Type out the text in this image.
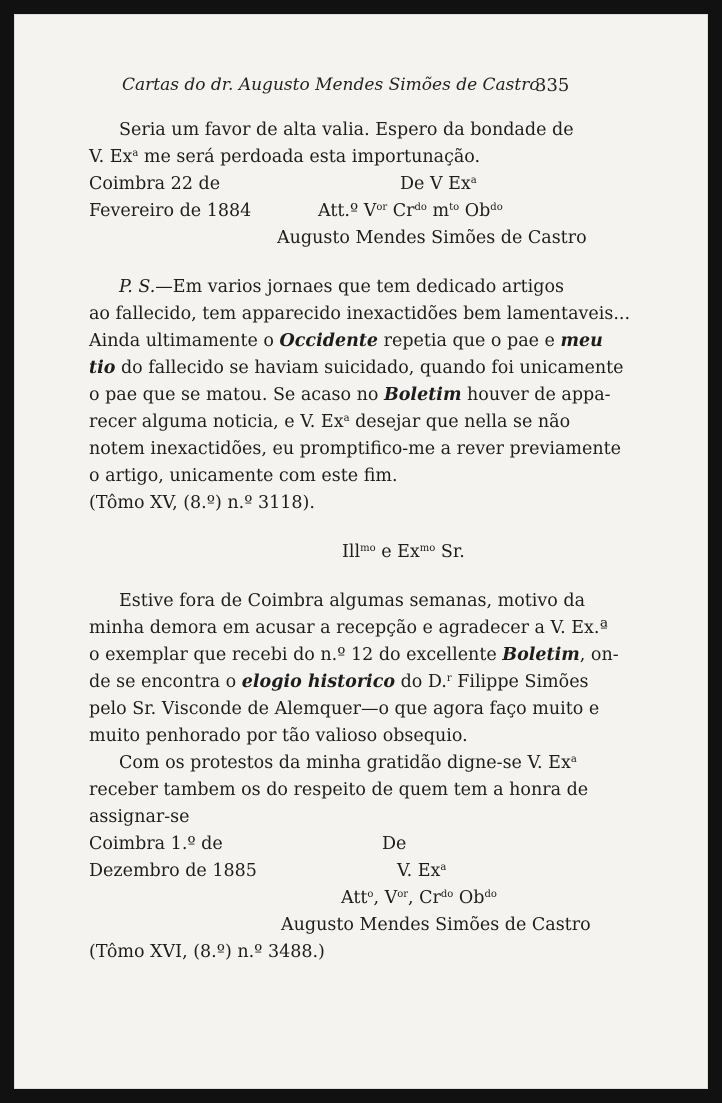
Cartas do dr. Augusto Mendes Simões de Castro
335
Seria um favor de alta valia. Espero da bondade de
V. Ex$^a$ me será perdoada esta importunação.
Coimbra 22 de	De V Ex$^a$
Fevereiro de 1884	Att.º $V^{or}$ $Cr^{do}$ $m^{to}$ $Ob^{do}$
Augusto Mendes Simões de Castro
P. S.—Em varios jornaes que tem dedicado artigos
ao fallecido, tem apparecido inexactidões bem lamentaveis...
Ainda ultimamente o Occidente repetia que o pae e meu
tio do fallecido se haviam suicidado, quando foi unicamente
o pae que se matou. Se acaso no Boletim houver de appa-
recer alguma noticia, e V. Ex$^a$ desejar que nella se não
notem inexactidões, eu promptifico-me a rever previamente
o artigo, unicamente com este fim.
(Tômo XV, (8.º) n.º 3118).
Ill$^{mo}$ e $Ex^{mo}$ Sr.
Estive fora de Coimbra algumas semanas, motivo da
minha demora em acusar a recepção e agradecer a V. Ex.ª
o exemplar que recebi do n.º 12 do excellente Boletim, on-
de se encontra o elogio historico do D.$^r$ Filippe Simões
pelo Sr. Visconde de Alemquer—o que agora faço muito e
muito penhorado por tão valioso obsequio.
Com os protestos da minha gratidão digne-se V. Ex$^a$
receber tambem os do respeito de quem tem a honra de
assignar-se
Coimbra 1.º de	De
Dezembro de 1885	V. Ex$^a$
Att$^o$, $V^{or}$, $Cr^{do}$ $Ob^{do}$
Augusto Mendes Simões de Castro
(Tômo XVI, (8.º) n.º 3488.)
